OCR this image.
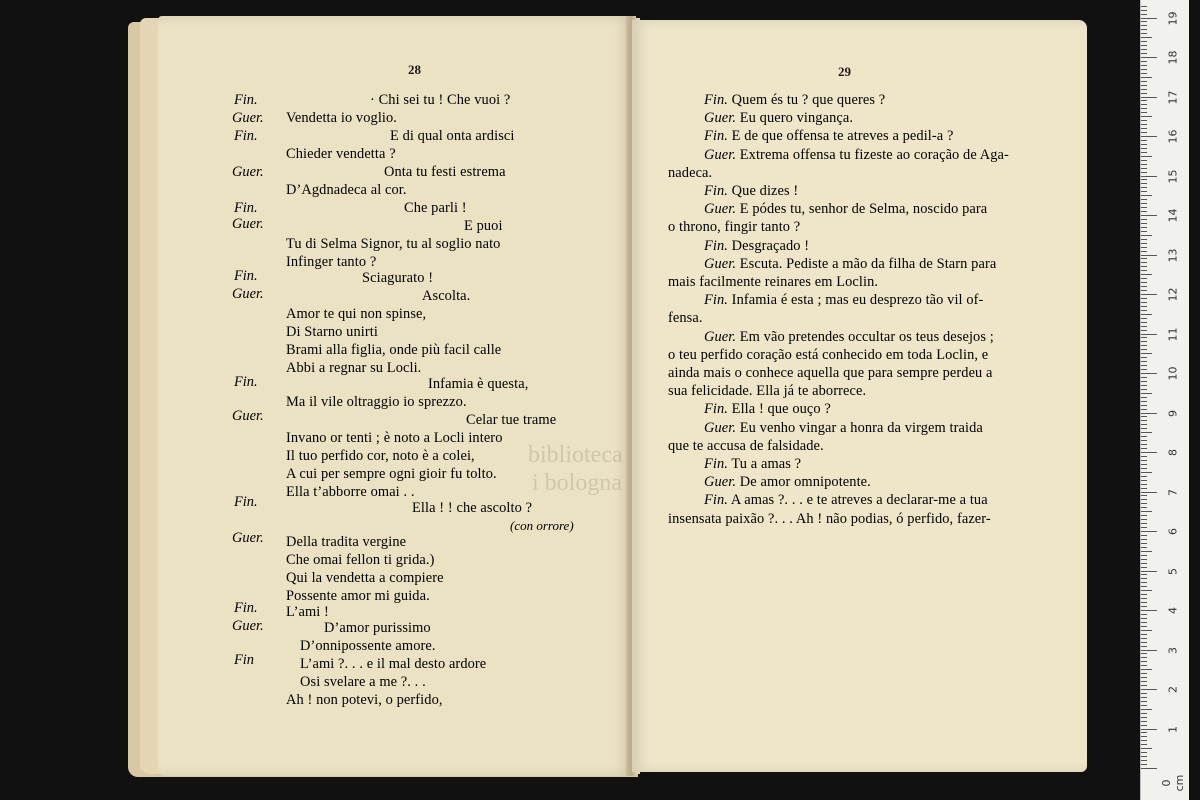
28	29
Fin.
Guer.
Fin.
Guer.
Fin.
Guer.
Fin.
Guer.
Fin.
Guer.
Fin.
Guer.
Fin.
Guer.
Fin
· Chi sei tu ! Che vuoi ?
Vendetta io voglio.
E di qual onta ardisci
Chieder vendetta ?
Onta tu festi estrema
D’Agdnadeca al cor.
Che parli !
E puoi
Tu di Selma Signor, tu al soglio nato
Infinger tanto ?
Sciagurato !
Ascolta.
Amor te qui non spinse,
Di Starno unirti
Brami alla figlia, onde più facil calle
Abbi a regnar su Locli.
Infamia è questa,
Ma il vile oltraggio io sprezzo.
Celar tue trame
Invano or tenti ; è noto a Locli intero
Il tuo perfido cor, noto è a colei,
A cui per sempre ogni gioir fu tolto.
Ella t’abborre omai . .
Ella ! ! che ascolto ?
Della tradita vergine
Che omai fellon ti grida.)
Qui la vendetta a compiere
Possente amor mi guida.
L’ami !
D’amor purissimo
D’onnipossente amore.
L’ami ?. . . e il mal desto ardore
Osi svelare a me ?. . .
Ah ! non potevi, o perfido,
Fin. Quem és tu ? que queres ?
Guer. Eu quero vingança.
Fin. E de que offensa te atreves a pedil-a ?
Guer. Extrema offensa tu fizeste ao coração de Aga-
nadeca.
Fin. Que dizes !
Guer. E pódes tu, senhor de Selma, noscido para
o throno, fingir tanto ?
Fin. Desgraçado !
Guer. Escuta. Pediste a mão da filha de Starn para
mais facilmente reinares em Loclin.
Fin. Infamia é esta ; mas eu desprezo tão vil of-
fensa.
Guer. Em vão pretendes occultar os teus desejos ;
o teu perfido coração está conhecido em toda Loclin, e
ainda mais o conhece aquella que para sempre perdeu a
sua felicidade. Ella já te aborrece.
Fin. Ella ! que ouço ?
Guer. Eu venho vingar a honra da virgem traida
que te accusa de falsidade.
Fin. Tu a amas ?
Guer. De amor omnipotente.
Fin. A amas ?. . . e te atreves a declarar-me a tua
insensata paixão ?. . . Ah ! não podias, ó perfido, fazer-
(con orrore)
biblioteca
i bologna
0 cm
1
2
3
4
5
6
7
8
9
10
11
12
13
14
15
16
17
18
19
